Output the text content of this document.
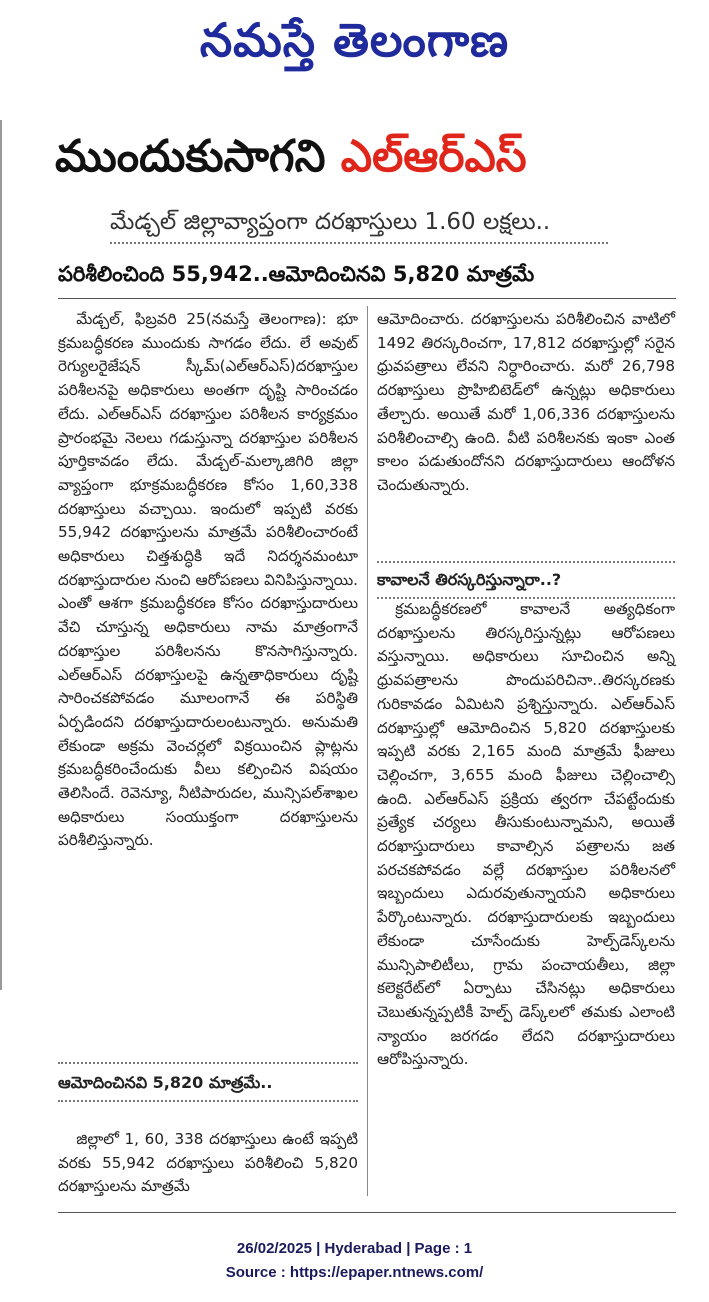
నమస్తే తెలంగాణ
ముందుకుసాగని ఎల్‌ఆర్‌ఎస్‌
మేడ్చల్‌ జిల్లావ్యాప్తంగా దరఖాస్తులు 1.60 లక్షలు..
పరిశీలించింది 55,942..ఆమోదించినవి 5,820 మాత్రమే

మేడ్చల్‌, ఫిబ్రవరి 25(నమస్తే తెలంగాణ): భూ క్రమబద్ధీకరణ ముందుకు సాగడం లేదు. లే అవుట్‌ రెగ్యులరైజేషన్‌ స్కీమ్‌(ఎల్‌ఆర్‌ఎస్‌)దరఖాస్తుల పరిశీలనపై అధికారులు అంతగా దృష్టి సారించడం లేదు. ఎల్‌ఆర్‌ఎస్‌ దరఖాస్తుల పరిశీలన కార్యక్రమం ప్రారంభమై నెలలు గడుస్తున్నా దరఖాస్తుల పరిశీలన పూర్తికావడం లేదు. మేడ్చల్‌-మల్కాజిగిరి జిల్లా వ్యాప్తంగా భూక్రమబద్ధీకరణ కోసం 1,60,338 దరఖాస్తులు వచ్చాయి. ఇందులో ఇప్పటి వరకు 55,942 దరఖాస్తులను మాత్రమే పరిశీలించారంటే అధికారులు చిత్తశుద్ధికి ఇదే నిదర్శనమంటూ దరఖాస్తుదారుల నుంచి ఆరోపణలు వినిపిస్తున్నాయి. ఎంతో ఆశగా క్రమబద్ధీకరణ కోసం దరఖాస్తుదారులు వేచి చూస్తున్న అధికారులు నామ మాత్రంగానే దరఖాస్తుల పరిశీలనను కొనసాగిస్తున్నారు. ఎల్‌ఆర్‌ఎస్‌ దరఖాస్తులపై ఉన్నతాధికారులు దృష్టి సారించకపోవడం మూలంగానే ఈ పరిస్థితి ఏర్పడిందని దరఖాస్తుదారులంటున్నారు. అనుమతి లేకుండా అక్రమ వెంచర్లలో విక్రయించిన ప్లాట్లను క్రమబద్ధీకరించేందుకు వీలు కల్పించిన విషయం తెలిసిందే. రెవెన్యూ, నీటిపారుదల, మున్సిపల్‌శాఖల అధికారులు సంయుక్తంగా దరఖాస్తులను పరిశీలిస్తున్నారు.

ఆమోదించినవి 5,820 మాత్రమే..

జిల్లాలో 1, 60, 338 దరఖాస్తులు ఉంటే ఇప్పటి వరకు 55,942 దరఖాస్తులు పరిశీలించి 5,820 దరఖాస్తులను మాత్రమే

ఆమోదించారు. దరఖాస్తులను పరిశీలించిన వాటిలో 1492 తిరస్కరించగా, 17,812 దరఖాస్తుల్లో సరైన ధ్రువపత్రాలు లేవని నిర్ధారించారు. మరో 26,798 దరఖాస్తులు ప్రొహిబిటెడ్‌లో ఉన్నట్లు అధికారులు తేల్చారు. అయితే మరో 1,06,336 దరఖాస్తులను పరిశీలించాల్సి ఉంది. వీటి పరిశీలనకు ఇంకా ఎంత కాలం పడుతుందోనని దరఖాస్తుదారులు ఆందోళన చెందుతున్నారు.

కావాలనే తిరస్కరిస్తున్నారా..?

క్రమబద్ధీకరణలో కావాలనే అత్యధికంగా దరఖాస్తులను తిరస్కరిస్తున్నట్లు ఆరోపణలు వస్తున్నాయి. అధికారులు సూచించిన అన్ని ధ్రువపత్రాలను పొందుపరిచినా..తిరస్కరణకు గురికావడం ఏమిటని ప్రశ్నిస్తున్నారు. ఎల్‌ఆర్‌ఎస్‌ దరఖాస్తుల్లో ఆమోదించిన 5,820 దరఖాస్తులకు ఇప్పటి వరకు 2,165 మంది మాత్రమే ఫీజులు చెల్లించగా, 3,655 మంది ఫీజులు చెల్లించాల్సి ఉంది. ఎల్‌ఆర్‌ఎస్‌ ప్రక్రియ త్వరగా చేపట్టేందుకు ప్రత్యేక చర్యలు తీసుకుంటున్నామని, అయితే దరఖాస్తుదారులు కావాల్సిన పత్రాలను జత పరచకపోవడం వల్లే దరఖాస్తుల పరిశీలనలో ఇబ్బందులు ఎదురవుతున్నాయని అధికారులు పేర్కొంటున్నారు. దరఖాస్తుదారులకు ఇబ్బందులు లేకుండా చూసేందుకు హెల్ప్‌డెస్క్‌లను మున్సిపాలిటీలు, గ్రామ పంచాయతీలు, జిల్లా కలెక్టరేట్‌లో ఏర్పాటు చేసినట్లు అధికారులు చెబుతున్నప్పటికీ హెల్ప్‌ డెస్క్‌లలో తమకు ఎలాంటి న్యాయం జరగడం లేదని దరఖాస్తుదారులు ఆరోపిస్తున్నారు.

26/02/2025 | Hyderabad | Page : 1
Source : https://epaper.ntnews.com/
